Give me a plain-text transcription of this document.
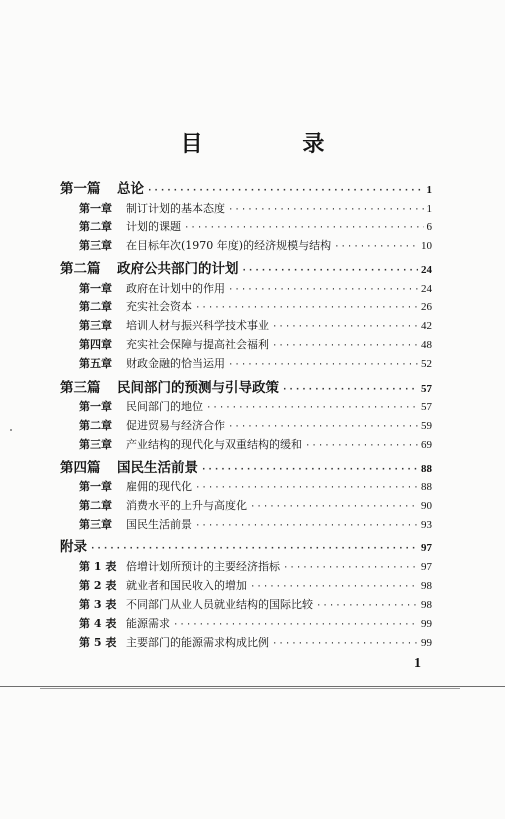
目 录
第一篇	总论 ·····	1
第一章	制订计划的基本态度 ·····	1
第二章	计划的课题 ·····	6
第三章	在目标年次(1970 年度)的经济规模与结构 ·····	10
第二篇	政府公共部门的计划 ·····	24
第一章	政府在计划中的作用 ·····	24
第二章	充实社会资本 ·····	26
第三章	培训人材与振兴科学技术事业 ·····	42
第四章	充实社会保障与提高社会福利 ·····	48
第五章	财政金融的恰当运用 ·····	52
第三篇	民间部门的预测与引导政策 ·····	57
第一章	民间部门的地位 ·····	57
第二章	促进贸易与经济合作 ·····	59
第三章	产业结构的现代化与双重结构的缓和 ·····	69
第四篇	国民生活前景 ·····	88
第一章	雇佣的现代化 ·····	88
第二章	消费水平的上升与高度化 ·····	90
第三章	国民生活前景 ·····	93
附录 ·····	97
第 1 表 倍增计划所预计的主要经济指标 ·····	97
第 2 表 就业者和国民收入的增加 ·····	98
第 3 表 不同部门从业人员就业结构的国际比较 ·····	98
第 4 表 能源需求 ·····	99
第 5 表 主要部门的能源需求构成比例 ·····	99
1
